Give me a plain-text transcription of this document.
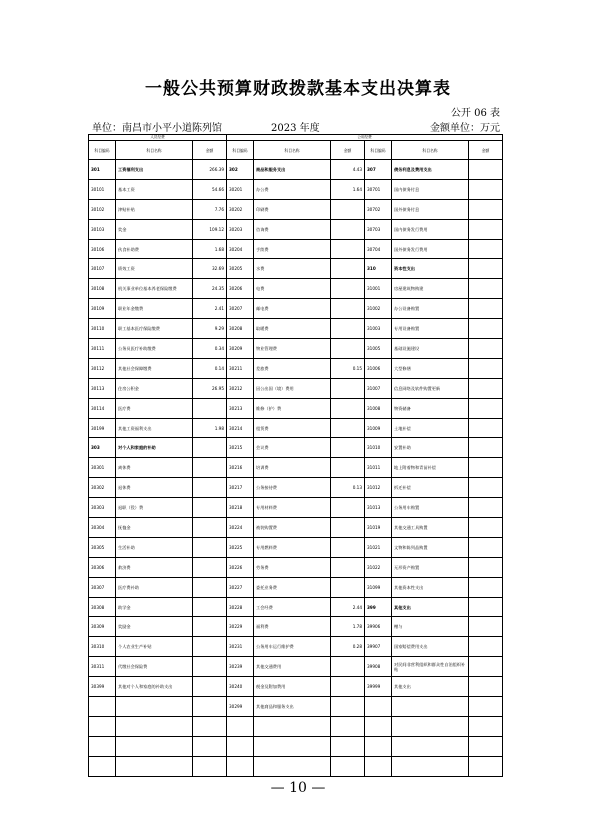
一般公共预算财政拨款基本支出决算表
公开 06 表
单位：南昌市小平小道陈列馆	2023 年度	金额单位：万元
人员经费			公用经费					
科目编码	科目名称	金额	科目编码	科目名称	金额	科目编码	科目名称	金额
301	工资福利支出	266.39	302	商品和服务支出	4.43	307	债务利息及费用支出	
30101	基本工资	54.66	30201	办公费	1.64	30701	国内债务付息	
30102	津贴补贴	7.76	30202	印刷费		30702	国外债务付息	
30103	奖金	109.12	30203	咨询费		30703	国内债务发行费用	
30106	伙食补助费	1.68	30204	手续费		30704	国外债务发行费用	
30107	绩效工资	32.69	30205	水费		310	资本性支出	
30108	机关事业单位基本养老保险缴费	24.35	30206	电费		31001	房屋建筑物购建	
30109	职业年金缴费	2.41	30207	邮电费		31002	办公设备购置	
30110	职工基本医疗保险缴费	9.29	30208	取暖费		31003	专用设备购置	
30111	公务员医疗补助缴费	0.34	30209	物业管理费		31005	基础设施建设	
30112	其他社会保障缴费	0.14	30211	差旅费	0.15	31006	大型修缮	
30113	住房公积金	26.95	30212	因公出国（境）费用		31007	信息网络及软件购置更新	
30114	医疗费		30213	维修（护）费		31008	物资储备	
30199	其他工资福利支出	1.98	30214	租赁费		31009	土地补偿	
303	对个人和家庭的补助		30215	会议费		31010	安置补助	
30301	离休费		30216	培训费		31011	地上附着物和青苗补偿	
30302	退休费		30217	公务接待费	0.13	31012	拆迁补偿	
30303	退职（役）费		30218	专用材料费		31013	公务用车购置	
30304	抚恤金		30224	被装购置费		31019	其他交通工具购置	
30305	生活补助		30225	专用燃料费		31021	文物和陈列品购置	
30306	救济费		30226	劳务费		31022	无形资产购置	
30307	医疗费补助		30227	委托业务费		31099	其他资本性支出	
30308	助学金		30228	工会经费	2.44	399	其他支出	
30309	奖励金		30229	福利费	1.78	39906	赠与	
30310	个人农业生产补贴		30231	公务用车运行维护费	0.28	39907	国家赔偿费用支出	
30311	代缴社会保险费		30239	其他交通费用		39908	对民间非营利组织和群众性自治组织补贴	
30399	其他对个人和家庭的补助支出		30240	税金及附加费用		39999	其他支出	
			30299	其他商品和服务支出				

— 10 —
